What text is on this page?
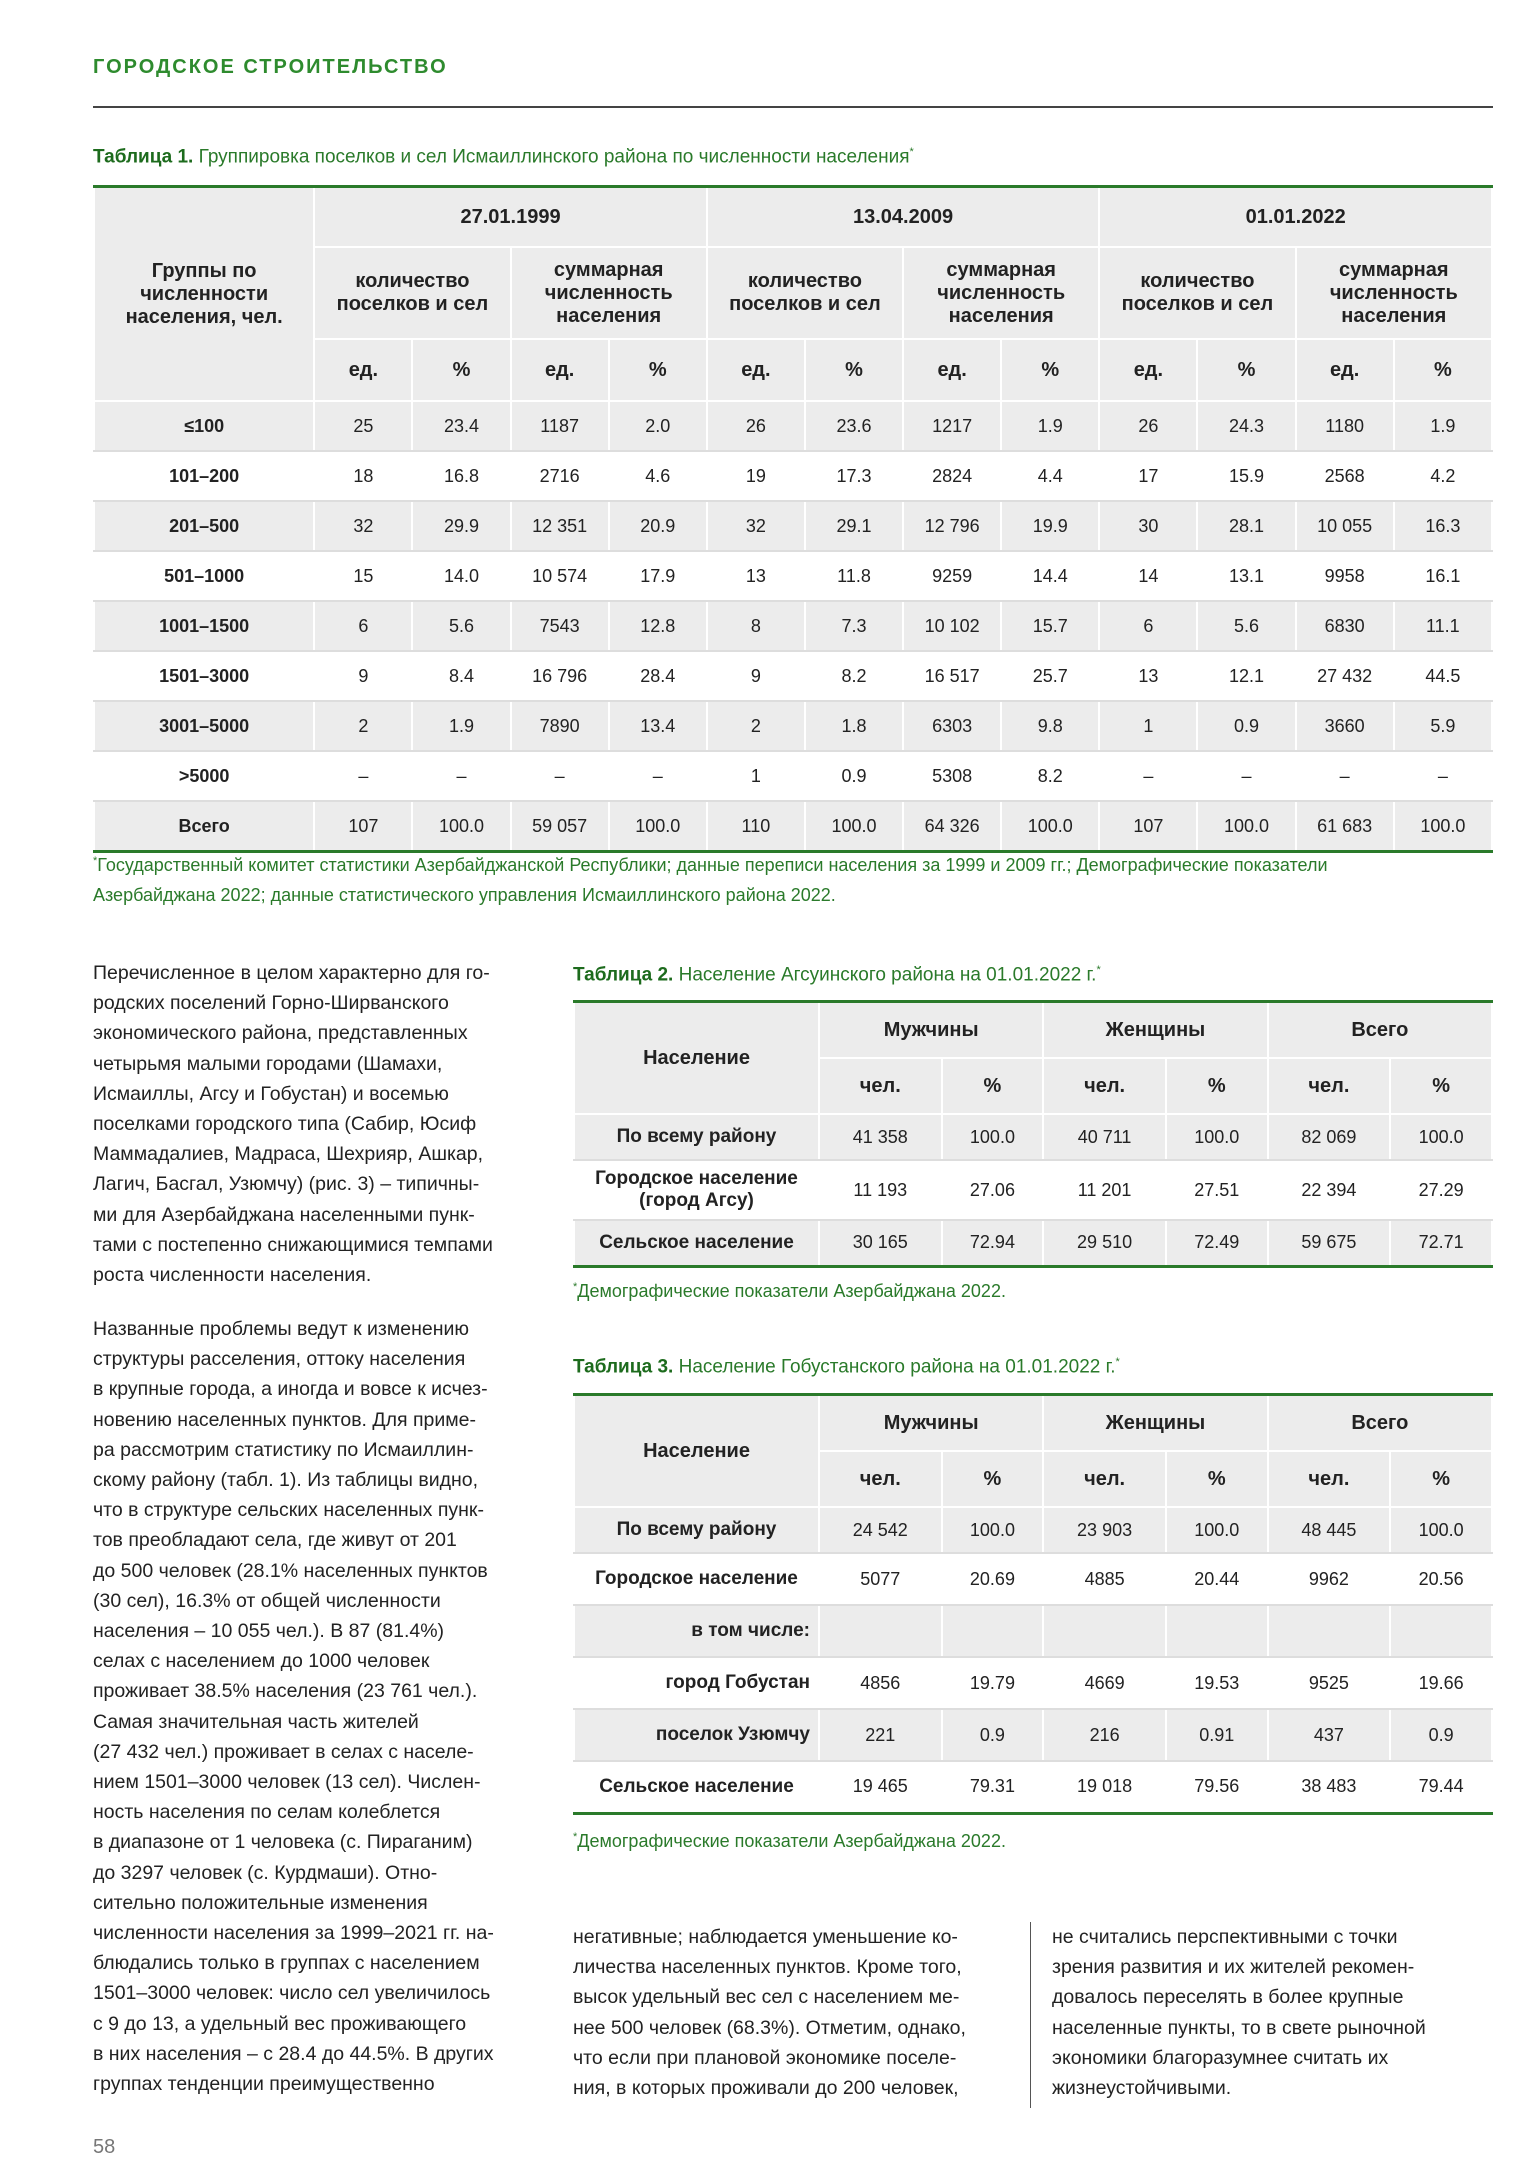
ГОРОДСКОЕ СТРОИТЕЛЬСТВО
Таблица 1. Группировка поселков и сел Исмаиллинского района по численности населения*
Группы по численности населения, чел.	27.01.1999				13.04.2009				01.01.2022			
	количество поселков и сел		суммарная численность населения		количество поселков и сел		суммарная численность населения		количество поселков и сел		суммарная численность населения	
	ед.	%	ед.	%	ед.	%	ед.	%	ед.	%	ед.	%
≤100	25	23.4	1187	2.0	26	23.6	1217	1.9	26	24.3	1180	1.9
101–200	18	16.8	2716	4.6	19	17.3	2824	4.4	17	15.9	2568	4.2
201–500	32	29.9	12 351	20.9	32	29.1	12 796	19.9	30	28.1	10 055	16.3
501–1000	15	14.0	10 574	17.9	13	11.8	9259	14.4	14	13.1	9958	16.1
1001–1500	6	5.6	7543	12.8	8	7.3	10 102	15.7	6	5.6	6830	11.1
1501–3000	9	8.4	16 796	28.4	9	8.2	16 517	25.7	13	12.1	27 432	44.5
3001–5000	2	1.9	7890	13.4	2	1.8	6303	9.8	1	0.9	3660	5.9
>5000	–	–	–	–	1	0.9	5308	8.2	–	–	–	–
Всего	107	100.0	59 057	100.0	110	100.0	64 326	100.0	107	100.0	61 683	100.0
*Государственный комитет статистики Азербайджанской Республики; данные переписи населения за 1999 и 2009 гг.; Демографические показатели
Азербайджана 2022; данные статистического управления Исмаиллинского района 2022.
Перечисленное в целом характерно для го-
родских поселений Горно-Ширванского
экономического района, представленных
четырьмя малыми городами (Шамахи,
Исмаиллы, Агсу и Гобустан) и восемью
поселками городского типа (Сабир, Юсиф
Маммадалиев, Мадраса, Шехрияр, Ашкар,
Лагич, Басгал, Узюмчу) (рис. 3) – типичны-
ми для Азербайджана населенными пунк-
тами с постепенно снижающимися темпами
роста численности населения.
Названные проблемы ведут к изменению
структуры расселения, оттоку населения
в крупные города, а иногда и вовсе к исчез-
новению населенных пунктов. Для приме-
ра рассмотрим статистику по Исмаиллин-
скому району (табл. 1). Из таблицы видно,
что в структуре сельских населенных пунк-
тов преобладают села, где живут от 201
до 500 человек (28.1% населенных пунктов
(30 сел), 16.3% от общей численности
населения – 10 055 чел.). В 87 (81.4%)
селах с населением до 1000 человек
проживает 38.5% населения (23 761 чел.).
Самая значительная часть жителей
(27 432 чел.) проживает в селах с населе-
нием 1501–3000 человек (13 сел). Числен-
ность населения по селам колеблется
в диапазоне от 1 человека (с. Пираганим)
до 3297 человек (с. Курдмаши). Отно-
сительно положительные изменения
численности населения за 1999–2021 гг. на-
блюдались только в группах с населением
1501–3000 человек: число сел увеличилось
с 9 до 13, а удельный вес проживающего
в них населения – с 28.4 до 44.5%. В других
группах тенденции преимущественно
Таблица 2. Население Агсуинского района на 01.01.2022 г.*
Население	Мужчины		Женщины		Всего	
	чел.	%	чел.	%	чел.	%
По всему району	41 358	100.0	40 711	100.0	82 069	100.0
Городское население (город Агсу)	11 193	27.06	11 201	27.51	22 394	27.29
Сельское население	30 165	72.94	29 510	72.49	59 675	72.71
*Демографические показатели Азербайджана 2022.
Таблица 3. Население Гобустанского района на 01.01.2022 г.*
Население	Мужчины		Женщины		Всего	
	чел.	%	чел.	%	чел.	%
По всему району	24 542	100.0	23 903	100.0	48 445	100.0
Городское население	5077	20.69	4885	20.44	9962	20.56
в том числе:						
город Гобустан	4856	19.79	4669	19.53	9525	19.66
поселок Узюмчу	221	0.9	216	0.91	437	0.9
Сельское население	19 465	79.31	19 018	79.56	38 483	79.44
*Демографические показатели Азербайджана 2022.
негативные; наблюдается уменьшение ко-
личества населенных пунктов. Кроме того,
высок удельный вес сел с населением ме-
нее 500 человек (68.3%). Отметим, однако,
что если при плановой экономике поселе-
ния, в которых проживали до 200 человек,
не считались перспективными с точки
зрения развития и их жителей рекомен-
довалось переселять в более крупные
населенные пункты, то в свете рыночной
экономики благоразумнее считать их
жизнеустойчивыми.
58
